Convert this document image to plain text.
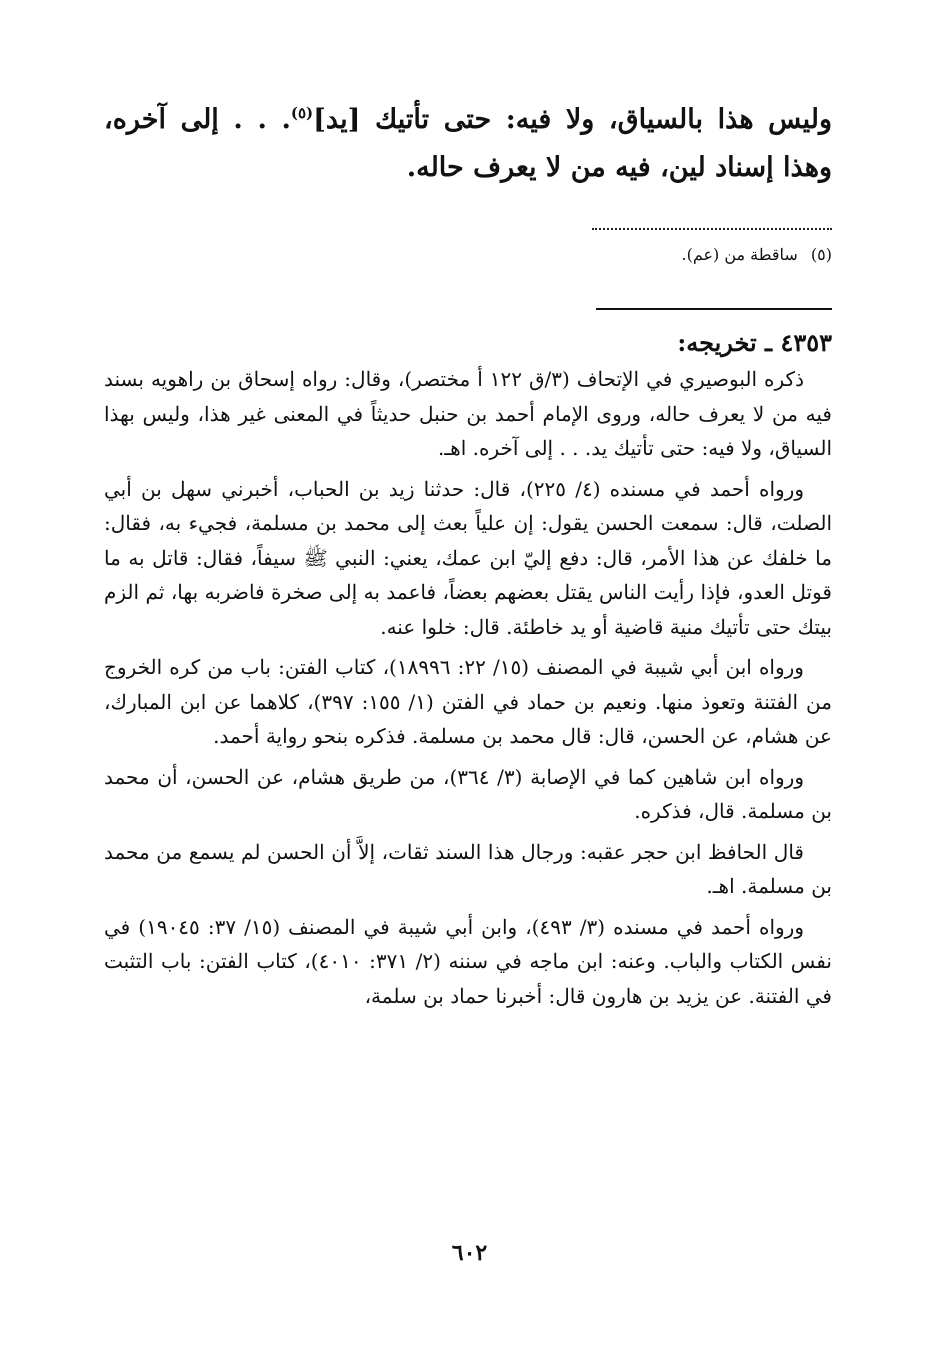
وليس هذا بالسياق، ولا فيه: حتى تأتيك [يد]$^{(٥)}$. . . إلى آخره، وهذا إسناد لين، فيه من لا يعرف حاله.

(٥) ساقطة من (عم).
٤٣٥٣ ـ تخريجه:

ذكره البوصيري في الإتحاف (٣/ق ١٢٢ أ مختصر)، وقال: رواه إسحاق بن راهويه بسند فيه من لا يعرف حاله، وروى الإمام أحمد بن حنبل حديثاً في المعنى غير هذا، وليس بهذا السياق، ولا فيه: حتى تأتيك يد. . . إلى آخره. اهـ.

ورواه أحمد في مسنده (٤/ ٢٢٥)، قال: حدثنا زيد بن الحباب، أخبرني سهل بن أبي الصلت، قال: سمعت الحسن يقول: إن علياً بعث إلى محمد بن مسلمة، فجيء به، فقال: ما خلفك عن هذا الأمر، قال: دفع إليّ ابن عمك، يعني: النبي ﷺ سيفاً، فقال: قاتل به ما قوتل العدو، فإذا رأيت الناس يقتل بعضهم بعضاً، فاعمد به إلى صخرة فاضربه بها، ثم الزم بيتك حتى تأتيك منية قاضية أو يد خاطئة. قال: خلوا عنه.

ورواه ابن أبي شيبة في المصنف (١٥/ ٢٢: ١٨٩٩٦)، كتاب الفتن: باب من كره الخروج من الفتنة وتعوذ منها. ونعيم بن حماد في الفتن (١/ ١٥٥: ٣٩٧)، كلاهما عن ابن المبارك، عن هشام، عن الحسن، قال: قال محمد بن مسلمة. فذكره بنحو رواية أحمد.

ورواه ابن شاهين كما في الإصابة (٣/ ٣٦٤)، من طريق هشام، عن الحسن، أن محمد بن مسلمة. قال، فذكره.

قال الحافظ ابن حجر عقبه: ورجال هذا السند ثقات، إلاَّ أن الحسن لم يسمع من محمد بن مسلمة. اهـ.

ورواه أحمد في مسنده (٣/ ٤٩٣)، وابن أبي شيبة في المصنف (١٥/ ٣٧: ١٩٠٤٥) في نفس الكتاب والباب. وعنه: ابن ماجه في سننه (٢/ ٣٧١: ٤٠١٠)، كتاب الفتن: باب التثبت في الفتنة. عن يزيد بن هارون قال: أخبرنا حماد بن سلمة،

٦٠٢
